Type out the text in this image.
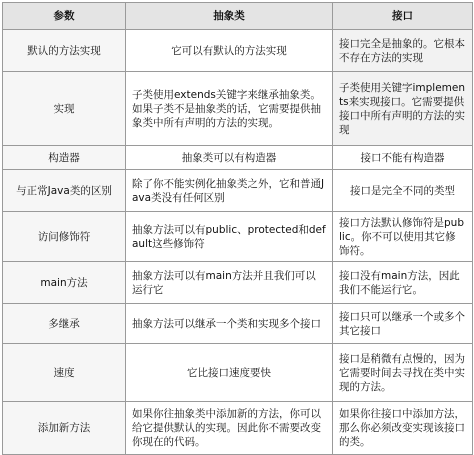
参数	抽象类	接口
默认的方法实现	它可以有默认的方法实现	接口完全是抽象的。它根本不存在方法的实现
实现	子类使用extends关键字来继承抽象类。如果子类不是抽象类的话，它需要提供抽象类中所有声明的方法的实现。	子类使用关键字implements来实现接口。它需要提供接口中所有声明的方法的实现
构造器	抽象类可以有构造器	接口不能有构造器
与正常Java类的区别	除了你不能实例化抽象类之外，它和普通Java类没有任何区别	接口是完全不同的类型
访问修饰符	抽象方法可以有public、protected和default这些修饰符	接口方法默认修饰符是public。你不可以使用其它修饰符。
main方法	抽象方法可以有main方法并且我们可以运行它	接口没有main方法，因此我们不能运行它。
多继承	抽象方法可以继承一个类和实现多个接口	接口只可以继承一个或多个其它接口
速度	它比接口速度要快	接口是稍微有点慢的，因为它需要时间去寻找在类中实现的方法。
添加新方法	如果你往抽象类中添加新的方法，你可以给它提供默认的实现。因此你不需要改变你现在的代码。	如果你往接口中添加方法，那么你必须改变实现该接口的类。
